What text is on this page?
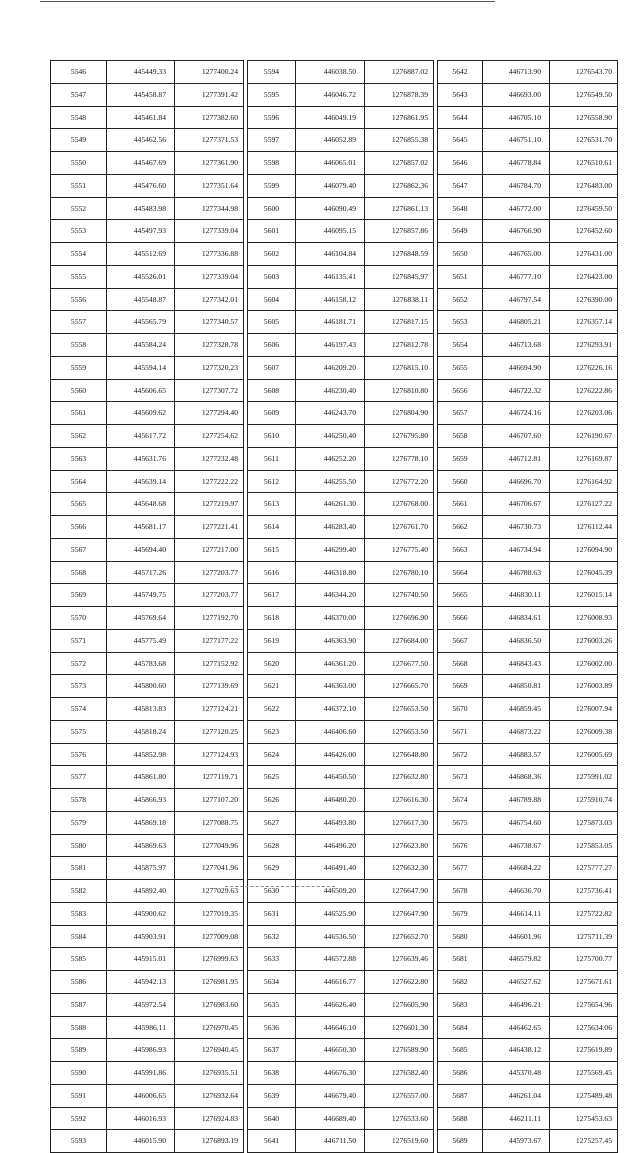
5546	445449.33	1277400.24
5547	445458.87	1277391.42
5548	445461.84	1277382.60
5549	445462.56	1277371.53
5550	445467.69	1277361.90
5551	445476.60	1277351.64
5552	445483.98	1277344.98
5553	445497.93	1277339.04
5554	445512.69	1277336.88
5555	445526.01	1277339.04
5556	445548.87	1277342.01
5557	445565.79	1277340.57
5558	445584.24	1277328.78
5559	445594.14	1277320.23
5560	445606.65	1277307.72
5561	445609.62	1277294.40
5562	445617.72	1277254.62
5563	445631.76	1277232.48
5564	445639.14	1277222.22
5565	445648.68	1277219.97
5566	445681.17	1277221.41
5567	445694.40	1277217.00
5568	445717.26	1277203.77
5569	445749.75	1277203.77
5570	445769.64	1277192.70
5571	445775.49	1277177.22
5572	445783.68	1277152.92
5573	445800.60	1277139.69
5574	445813.83	1277124.21
5575	445818.24	1277120.25
5576	445852.98	1277124.93
5577	445861.80	1277119.71
5578	445866.93	1277107.20
5579	445869.18	1277088.75
5580	445869.63	1277049.96
5581	445875.97	1277041.96
5582	445892.40	1277029.63
5583	445900.62	1277019.35
5584	445903.91	1277009.08
5585	445915.01	1276999.63
5586	445942.13	1276981.95
5587	445972.54	1276983.60
5588	445986.11	1276970.45
5589	445986.93	1276940.45
5590	445991.86	1276935.51
5591	446006.65	1276932.64
5592	446016.93	1276924.83
5593	446015.90	1276893.19
5594	446038.50	1276887.02
5595	446046.72	1276878.39
5596	446049.19	1276861.95
5597	446052.89	1276855.38
5598	446065.01	1276857.02
5599	446079.40	1276862.36
5600	446090.49	1276861.13
5601	446095.15	1276857.86
5602	446104.84	1276848.59
5603	446135.41	1276845.97
5604	446158.12	1276838.11
5605	446181.71	1276817.15
5606	446197.43	1276812.78
5607	446209.20	1276815.10
5608	446230.40	1276810.80
5609	446243.70	1276804.90
5610	446250.40	1276795.80
5611	446252.20	1276778.10
5612	446255.50	1276772.20
5613	446261.30	1276768.00
5614	446283.40	1276761.70
5615	446299.40	1276775.40
5616	446318.80	1276780.10
5617	446344.20	1276740.50
5618	446370.00	1276696.90
5619	446363.90	1276684.00
5620	446361.20	1276677.50
5621	446363.00	1276665.70
5622	446372.10	1276653.50
5623	446406.60	1276653.50
5624	446426.00	1276648.80
5625	446450.50	1276632.80
5626	446480.20	1276616.30
5627	446493.80	1276617.30
5628	446496.20	1276623.80
5629	446491.40	1276632.30
5630	446509.20	1276647.90
5631	446525.90	1276647.90
5632	446536.50	1276652.70
5633	446572.88	1276639.46
5634	446616.77	1276622.80
5635	446626.40	1276605.90
5636	446646.10	1276601.30
5637	446650.30	1276589.90
5638	446676.30	1276582.40
5639	446679.40	1276557.00
5640	446689.40	1276533.60
5641	446711.50	1276519.60
5642	446713.90	1276543.70
5643	446693.00	1276549.50
5644	446705.10	1276558.90
5645	446751.10	1276531.70
5646	446778.84	1276510.61
5647	446784.70	1276483.00
5648	446772.00	1276459.50
5649	446766.90	1276452.60
5650	446765.00	1276431.00
5651	446777.10	1276423.00
5652	446797.54	1276390.00
5653	446805.21	1276357.14
5654	446713.68	1276293.91
5655	446694.90	1276226.16
5656	446722.32	1276222.86
5657	446724.16	1276203.06
5658	446707.60	1276190.67
5659	446712.81	1276169.87
5660	446696.70	1276164.92
5661	446706.67	1276127.22
5662	446730.73	1276112.44
5663	446734.94	1276094.90
5664	446788.63	1276045.39
5665	446830.11	1276015.14
5666	446834.61	1276008.93
5667	446836.50	1276003.26
5668	446843.43	1276002.00
5669	446850.81	1276003.89
5670	446859.45	1276007.94
5671	446873.22	1276009.38
5672	446883.57	1276005.69
5673	446868.36	1275991.02
5674	446789.88	1275910.74
5675	446754.60	1275873.03
5676	446738.67	1275853.05
5677	446684.22	1275777.27
5678	446636.70	1275736.41
5679	446614.11	1275722.82
5680	446601.96	1275711.39
5681	446579.82	1275700.77
5682	446527.62	1275671.61
5683	446496.21	1275654.96
5684	446462.65	1275634.06
5685	446438.12	1275619.89
5686	445370.48	1275569.45
5687	446261.04	1275489.48
5688	446211.11	1275453.63
5689	445973.67	1275257.45
